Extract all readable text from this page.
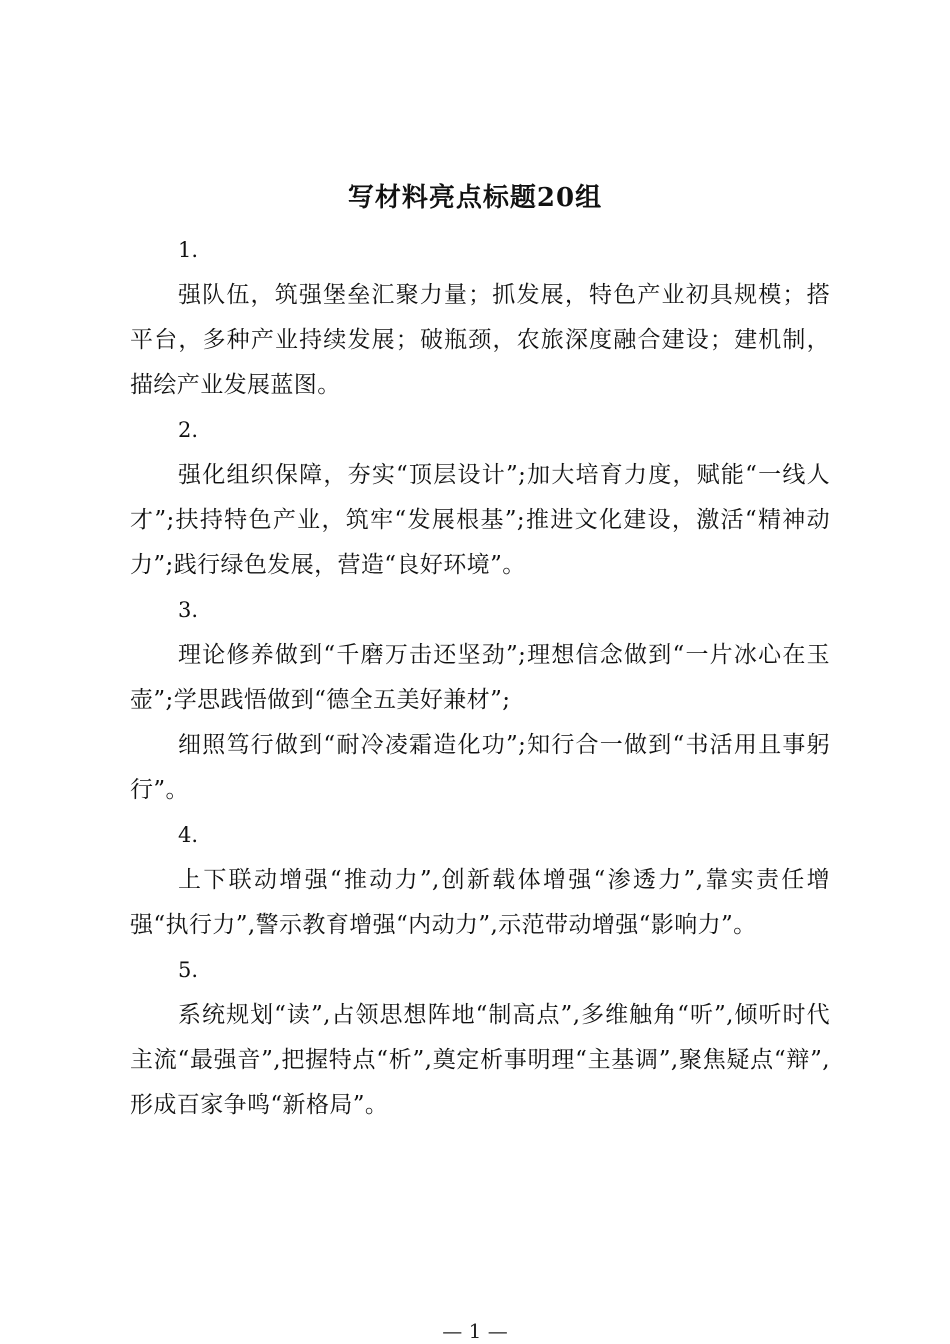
写材料亮点标题20组

1.

强队伍，筑强堡垒汇聚力量；抓发展，特色产业初具规模；搭平台，多种产业持续发展；破瓶颈，农旅深度融合建设；建机制，描绘产业发展蓝图。

2.

强化组织保障，夯实“顶层设计”;加大培育力度，赋能“一线人才”;扶持特色产业，筑牢“发展根基”;推进文化建设，激活“精神动力”;践行绿色发展，营造“良好环境”。

3.

理论修养做到“千磨万击还坚劲”;理想信念做到“一片冰心在玉壶”;学思践悟做到“德全五美好兼材”;

细照笃行做到“耐冷凌霜造化功”;知行合一做到“书活用且事躬行”。

4.

上下联动增强“推动力”,创新载体增强“渗透力”,靠实责任增强“执行力”,警示教育增强“内动力”,示范带动增强“影响力”。

5.

系统规划“读”,占领思想阵地“制高点”,多维触角“听”,倾听时代主流“最强音”,把握特点“析”,奠定析事明理“主基调”,聚焦疑点“辩”,形成百家争鸣“新格局”。

— 1 —
